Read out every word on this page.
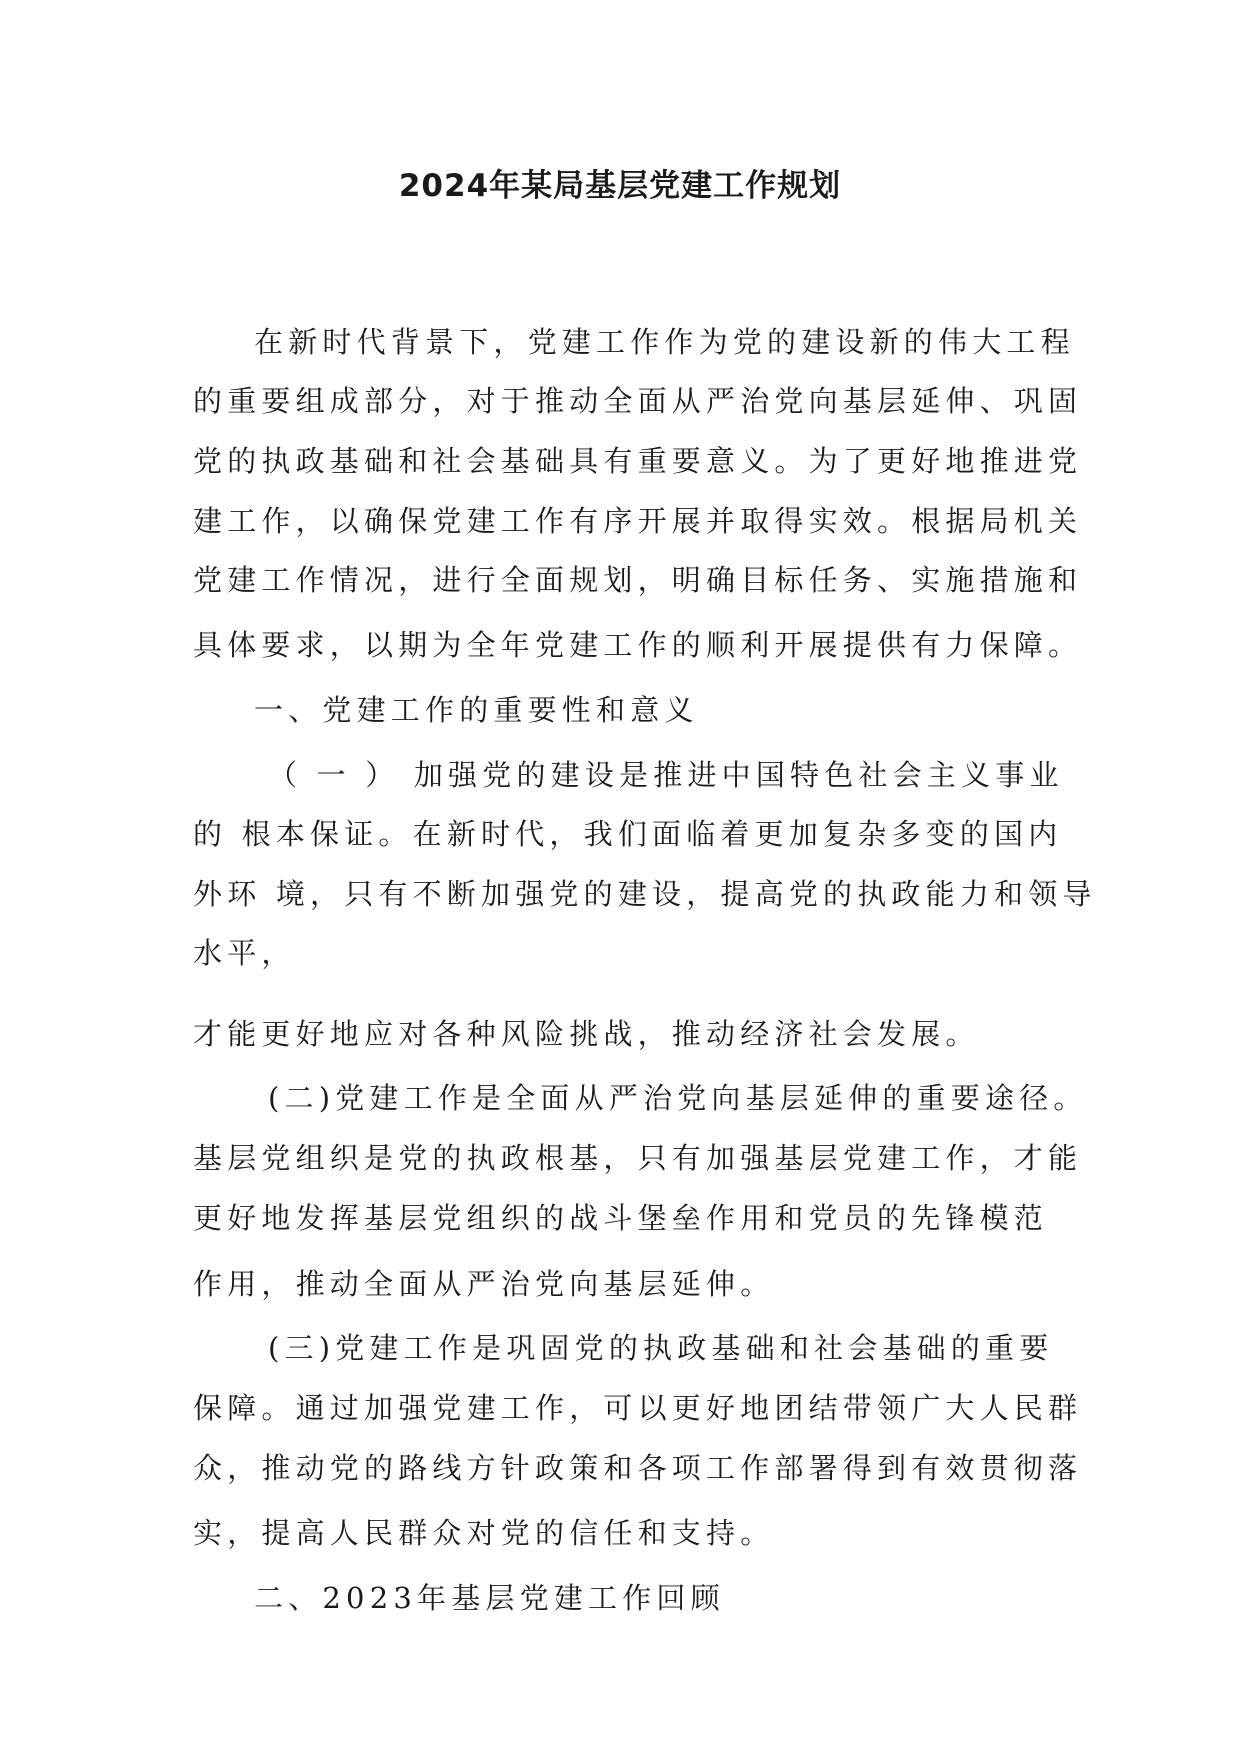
2024年某局基层党建工作规划

在新时代背景下，党建工作作为党的建设新的伟大工程

的重要组成部分，对于推动全面从严治党向基层延伸、巩固

党的执政基础和社会基础具有重要意义。为了更好地推进党

建工作，以确保党建工作有序开展并取得实效。根据局机关

党建工作情况，进行全面规划，明确目标任务、实施措施和

具体要求，以期为全年党建工作的顺利开展提供有力保障。

一、党建工作的重要性和意义

（ 一 ） 加强党的建设是推进中国特色社会主义事业

的 根本保证。在新时代，我们面临着更加复杂多变的国内

外环 境，只有不断加强党的建设，提高党的执政能力和领导

水平，

才能更好地应对各种风险挑战，推动经济社会发展。

(二)党建工作是全面从严治党向基层延伸的重要途径。

基层党组织是党的执政根基，只有加强基层党建工作，才能

更好地发挥基层党组织的战斗堡垒作用和党员的先锋模范

作用，推动全面从严治党向基层延伸。

(三)党建工作是巩固党的执政基础和社会基础的重要

保障。通过加强党建工作，可以更好地团结带领广大人民群

众，推动党的路线方针政策和各项工作部署得到有效贯彻落

实，提高人民群众对党的信任和支持。

二、2023年基层党建工作回顾
